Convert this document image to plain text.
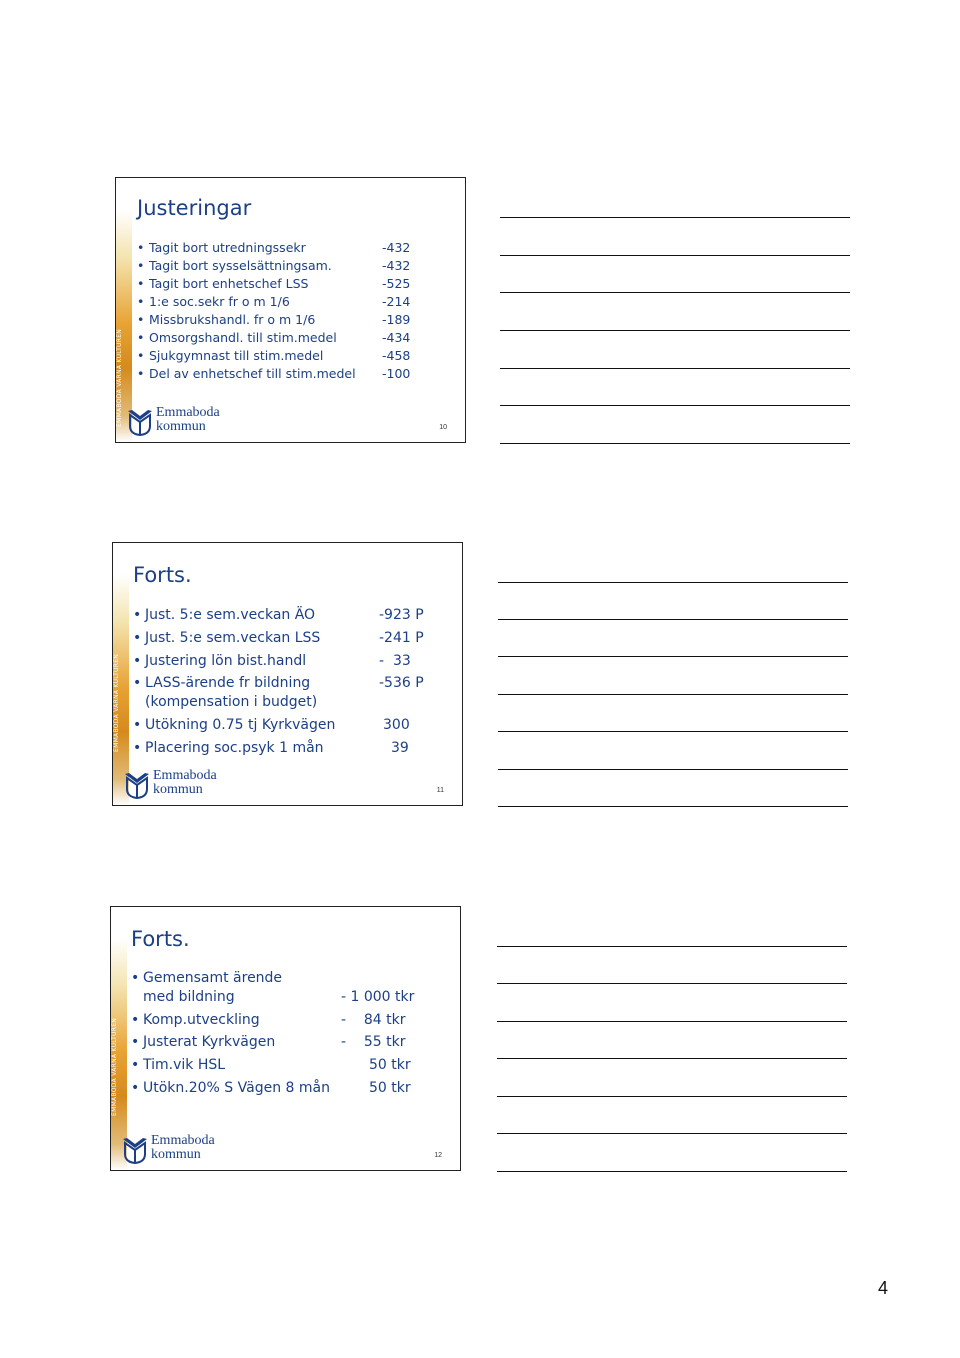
EMMABODA VÄRNA KULTUREN
Justeringar
• Tagit bort utredningssekr	-432
• Tagit bort sysselsättningsam.	-432
• Tagit bort enhetschef LSS	-525
• 1:e soc.sekr fr o m 1/6	-214
• Missbrukshandl. fr o m 1/6	-189
• Omsorgshandl. till stim.medel	-434
• Sjukgymnast till stim.medel	-458
• Del av enhetschef till stim.medel -100
Emmaboda
kommun	10
EMMABODA VÄRNA KULTUREN
Forts.
• Just. 5:e sem.veckan ÄO	-923 P
• Just. 5:e sem.veckan LSS	-241 P
• Justering lön bist.handl	-  33
• LASS-ärende fr bildning	-536 P
(kompensation i budget)
• Utökning 0.75 tj Kyrkvägen	300
• Placering soc.psyk 1 mån	39
Emmaboda
kommun	11
EMMABODA VÄRNA KULTUREN
Forts.
• Gemensamt ärende
med bildning	- 1 000 tkr
• Komp.utveckling	-    84 tkr
• Justerat Kyrkvägen	-    55 tkr
• Tim.vik HSL	50 tkr
• Utökn.20% S Vägen 8 mån	50 tkr
Emmaboda
kommun	12
4
